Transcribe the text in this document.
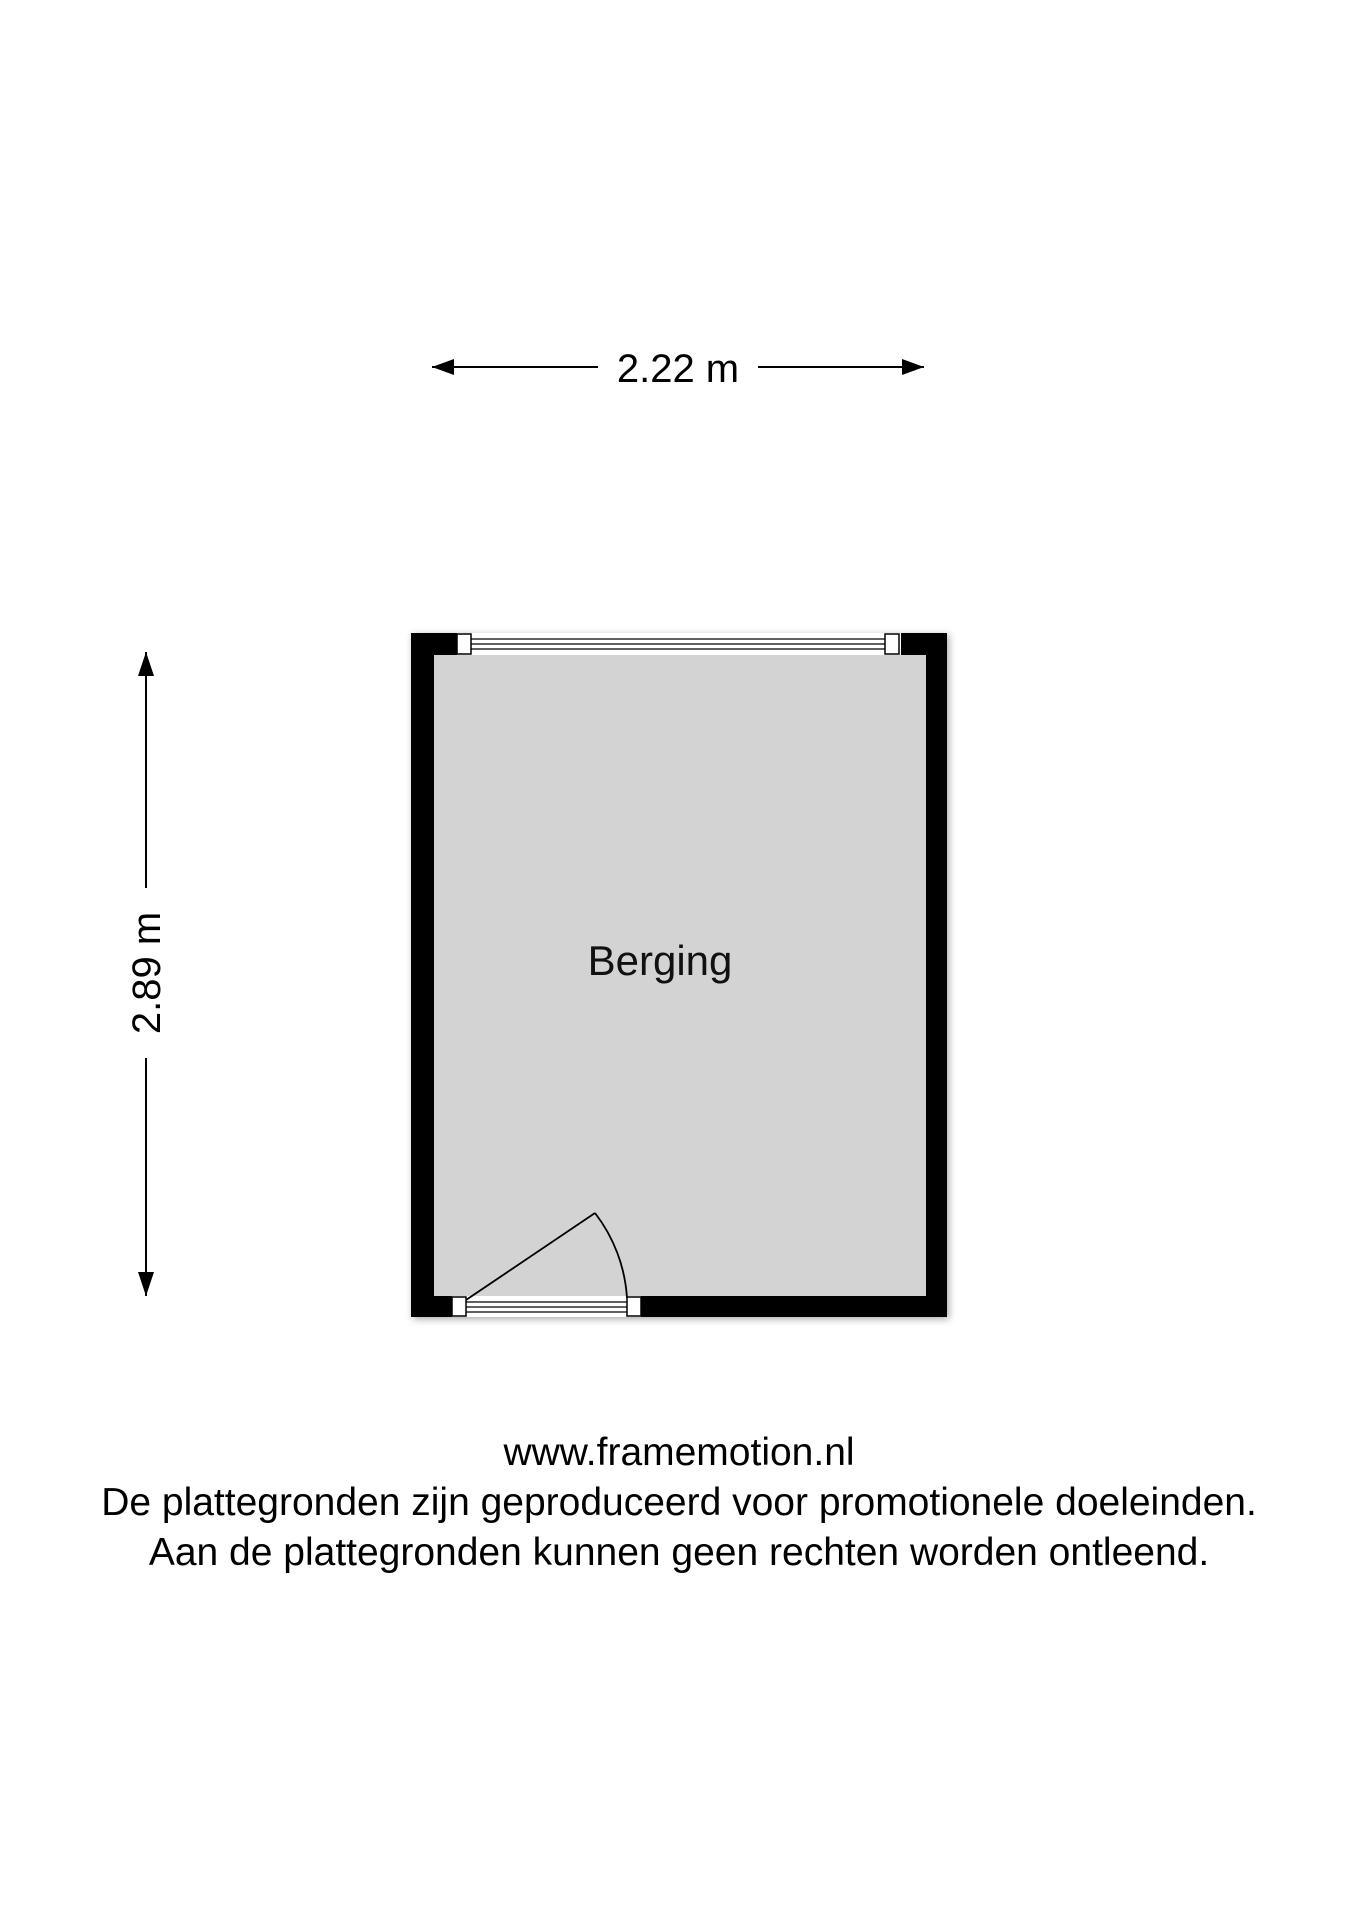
2.22 m
2.89 m	Berging
www.framemotion.nl
De plattegronden zijn geproduceerd voor promotionele doeleinden.
Aan de plattegronden kunnen geen rechten worden ontleend.
